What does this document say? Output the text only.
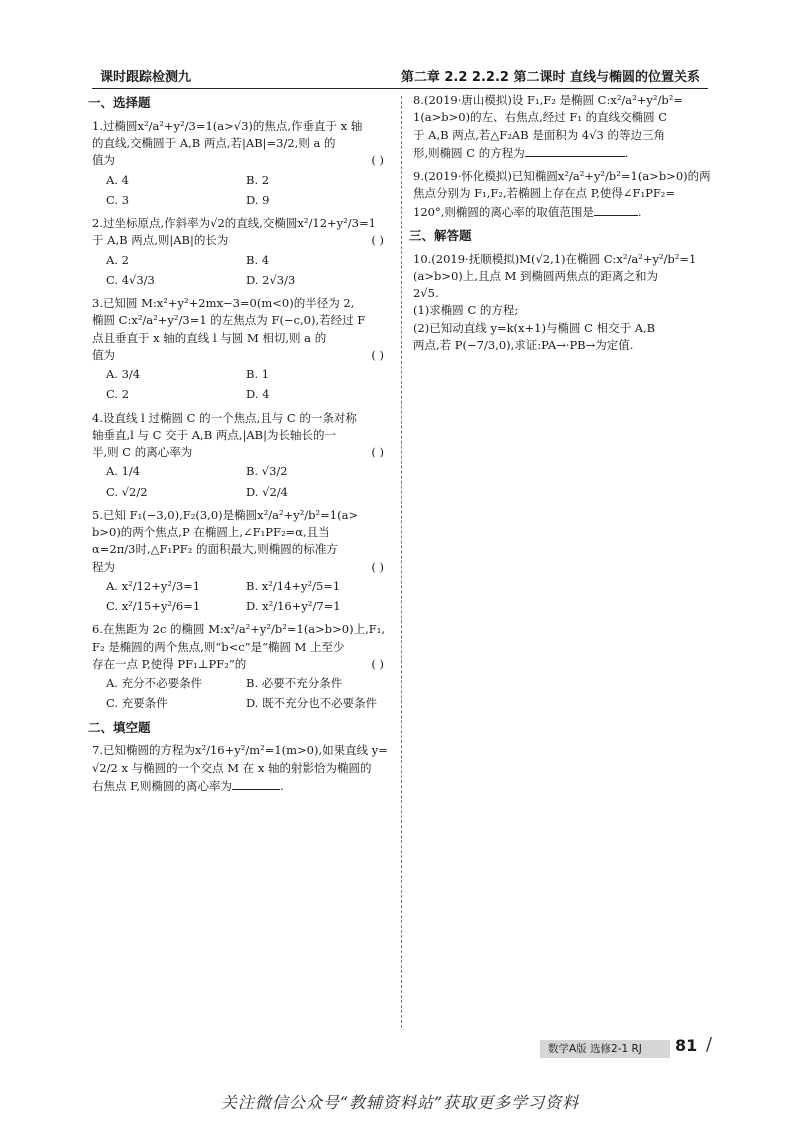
课时跟踪检测九	第二章 2.2 2.2.2 第二课时 直线与椭圆的位置关系
一、选择题
1.过椭圆x²/a²+y²/3=1(a>√3)的焦点,作垂直于 x 轴
的直线,交椭圆于 A,B 两点,若|AB|=3/2,则 a 的
值为	( )
A. 4	B. 2
C. 3	D. 9
2.过坐标原点,作斜率为√2的直线,交椭圆x²/12+y²/3=1
于 A,B 两点,则|AB|的长为	( )
A. 2	B. 4
C. 4√3/3	D. 2√3/3
3.已知圆 M:x²+y²+2mx−3=0(m<0)的半径为 2,
椭圆 C:x²/a²+y²/3=1 的左焦点为 F(−c,0),若经过 F
点且垂直于 x 轴的直线 l 与圆 M 相切,则 a 的
值为	( )
A. 3/4	B. 1
C. 2	D. 4
4.设直线 l 过椭圆 C 的一个焦点,且与 C 的一条对称
轴垂直,l 与 C 交于 A,B 两点,|AB|为长轴长的一
半,则 C 的离心率为	( )
A. 1/4	B. √3/2
C. √2/2	D. √2/4
5.已知 F₁(−3,0),F₂(3,0)是椭圆x²/a²+y²/b²=1(a>
b>0)的两个焦点,P 在椭圆上,∠F₁PF₂=α,且当
α=2π/3时,△F₁PF₂ 的面积最大,则椭圆的标准方
程为	( )
A. x²/12+y²/3=1	B. x²/14+y²/5=1
C. x²/15+y²/6=1	D. x²/16+y²/7=1
6.在焦距为 2c 的椭圆 M:x²/a²+y²/b²=1(a>b>0)上,F₁,
F₂ 是椭圆的两个焦点,则“b<c”是“椭圆 M 上至少
存在一点 P,使得 PF₁⊥PF₂”的	( )
A. 充分不必要条件	B. 必要不充分条件
C. 充要条件	D. 既不充分也不必要条件
二、填空题
7.已知椭圆的方程为x²/16+y²/m²=1(m>0),如果直线 y=
√2/2 x 与椭圆的一个交点 M 在 x 轴的射影恰为椭圆的
右焦点 F,则椭圆的离心率为	.
8.(2019·唐山模拟)设 F₁,F₂ 是椭圆 C:x²/a²+y²/b²=
1(a>b>0)的左、右焦点,经过 F₁ 的直线交椭圆 C
于 A,B 两点,若△F₂AB 是面积为 4√3 的等边三角
形,则椭圆 C 的方程为	.
9.(2019·怀化模拟)已知椭圆x²/a²+y²/b²=1(a>b>0)的两
焦点分别为 F₁,F₂,若椭圆上存在点 P,使得∠F₁PF₂=
120°,则椭圆的离心率的取值范围是	.
三、解答题
10.(2019·抚顺模拟)M(√2,1)在椭圆 C:x²/a²+y²/b²=1
(a>b>0)上,且点 M 到椭圆两焦点的距离之和为
2√5.
(1)求椭圆 C 的方程;
(2)已知动直线 y=k(x+1)与椭圆 C 相交于 A,B
两点,若 P(−7/3,0),求证:PA→·PB→为定值.
数学A版 选修2-1 RJ 81 /
关注微信公众号“教辅资料站”获取更多学习资料
